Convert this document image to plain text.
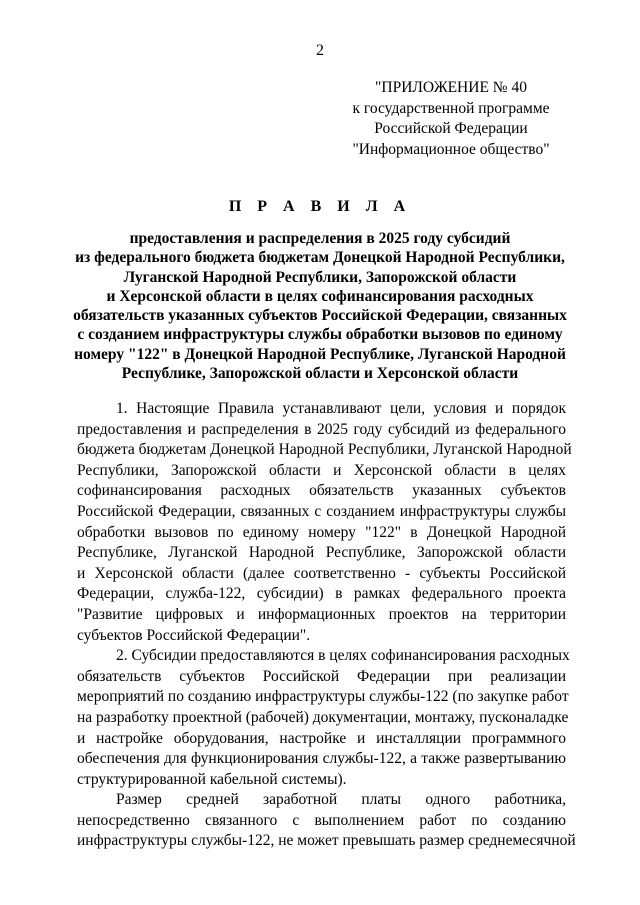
2
"ПРИЛОЖЕНИЕ № 40
к государственной программе
Российской Федерации
"Информационное общество"
П Р А В И Л А
предоставления и распределения в 2025 году субсидий
из федерального бюджета бюджетам Донецкой Народной Республики,
Луганской Народной Республики, Запорожской области
и Херсонской области в целях софинансирования расходных
обязательств указанных субъектов Российской Федерации, связанных
с созданием инфраструктуры службы обработки вызовов по единому
номеру "122" в Донецкой Народной Республике, Луганской Народной
Республике, Запорожской области и Херсонской области
1. Настоящие Правила устанавливают цели, условия и порядок
предоставления и распределения в 2025 году субсидий из федерального
бюджета бюджетам Донецкой Народной Республики, Луганской Народной
Республики, Запорожской области и Херсонской области в целях
софинансирования расходных обязательств указанных субъектов
Российской Федерации, связанных с созданием инфраструктуры службы
обработки вызовов по единому номеру "122" в Донецкой Народной
Республике, Луганской Народной Республике, Запорожской области
и Херсонской области (далее соответственно - субъекты Российской
Федерации, служба-122, субсидии) в рамках федерального проекта
"Развитие цифровых и информационных проектов на территории
субъектов Российской Федерации".
2. Субсидии предоставляются в целях софинансирования расходных
обязательств субъектов Российской Федерации при реализации
мероприятий по созданию инфраструктуры службы-122 (по закупке работ
на разработку проектной (рабочей) документации, монтажу, пусконаладке
и настройке оборудования, настройке и инсталляции программного
обеспечения для функционирования службы-122, а также развертыванию
структурированной кабельной системы).
Размер средней заработной платы одного работника,
непосредственно связанного с выполнением работ по созданию
инфраструктуры службы-122, не может превышать размер среднемесячной
